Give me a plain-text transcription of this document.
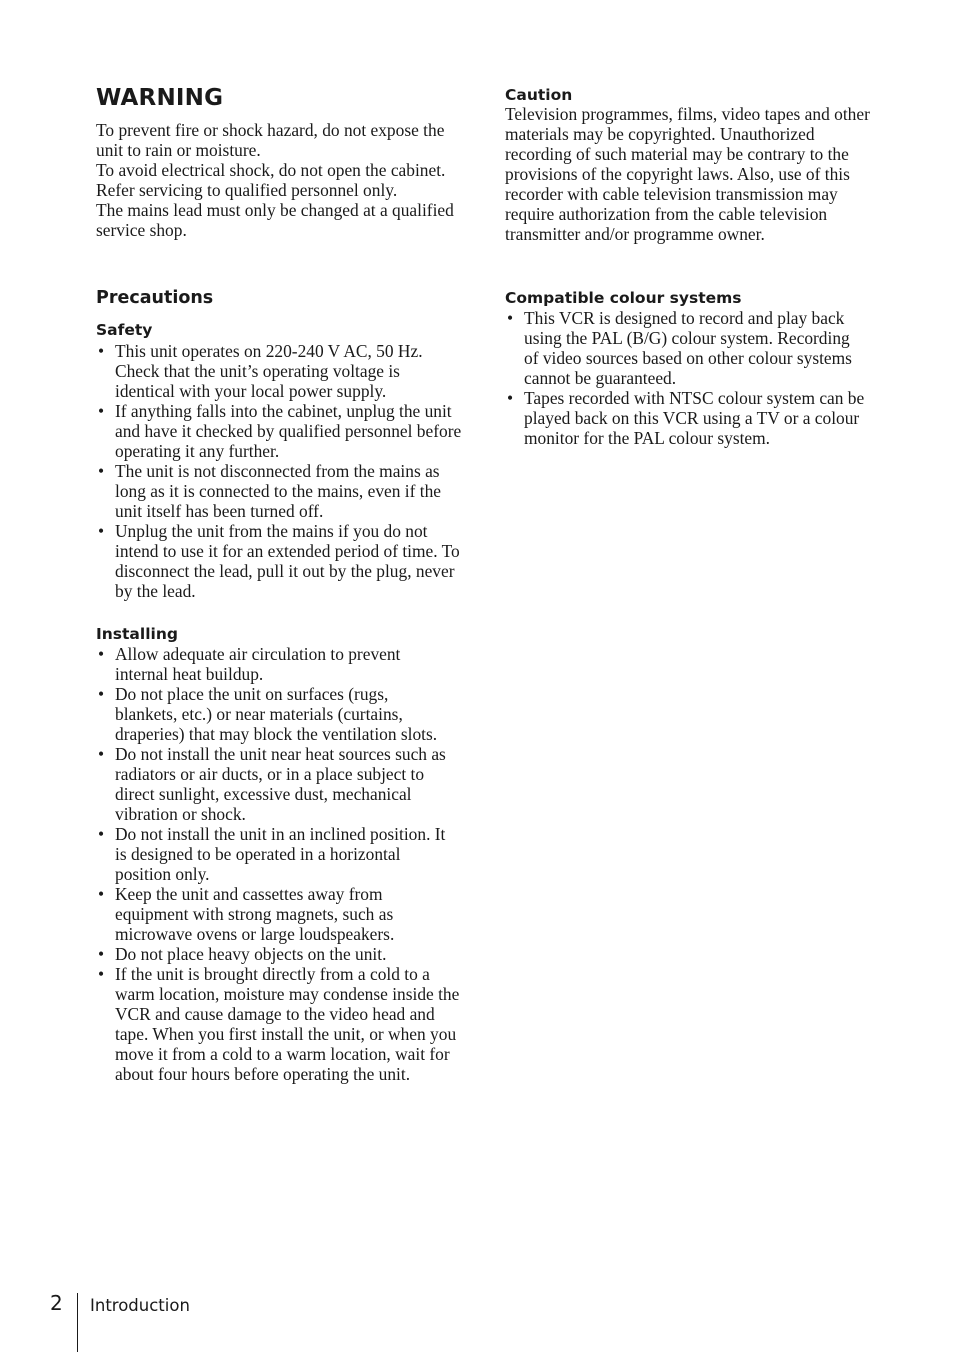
WARNING

To prevent fire or shock hazard, do not expose the unit to rain or moisture.

To avoid electrical shock, do not open the cabinet. Refer servicing to qualified personnel only.

The mains lead must only be changed at a qualified service shop.

Precautions
Safety
• This unit operates on 220-240 V AC, 50 Hz. Check that the unit’s operating voltage is identical with your local power supply.
• If anything falls into the cabinet, unplug the unit and have it checked by qualified personnel before operating it any further.
• The unit is not disconnected from the mains as long as it is connected to the mains, even if the unit itself has been turned off.
• Unplug the unit from the mains if you do not intend to use it for an extended period of time. To disconnect the lead, pull it out by the plug, never by the lead.
Installing
• Allow adequate air circulation to prevent internal heat buildup.
• Do not place the unit on surfaces (rugs, blankets, etc.) or near materials (curtains, draperies) that may block the ventilation slots.
• Do not install the unit near heat sources such as radiators or air ducts, or in a place subject to direct sunlight, excessive dust, mechanical vibration or shock.
• Do not install the unit in an inclined position. It is designed to be operated in a horizontal position only.
• Keep the unit and cassettes away from equipment with strong magnets, such as microwave ovens or large loudspeakers.
• Do not place heavy objects on the unit.
• If the unit is brought directly from a cold to a warm location, moisture may condense inside the VCR and cause damage to the video head and tape. When you first install the unit, or when you move it from a cold to a warm location, wait for about four hours before operating the unit.
Caution

Television programmes, films, video tapes and other materials may be copyrighted. Unauthorized recording of such material may be contrary to the provisions of the copyright laws. Also, use of this recorder with cable television transmission may require authorization from the cable television transmitter and/or programme owner.

Compatible colour systems
• This VCR is designed to record and play back using the PAL (B/G) colour system. Recording of video sources based on other colour systems cannot be guaranteed.
• Tapes recorded with NTSC colour system can be played back on this VCR using a TV or a colour monitor for the PAL colour system.
2 Introduction
